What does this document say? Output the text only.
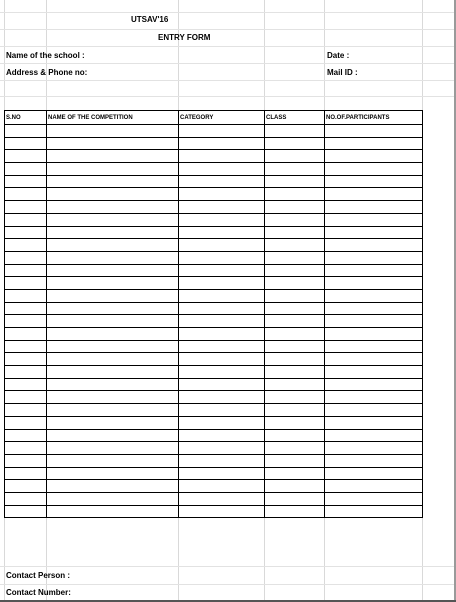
UTSAV'16
ENTRY FORM
Name of the school :	Date :
Address & Phone no:	Mail ID :
S.NO	NAME OF THE COMPETITION	CATEGORY	CLASS	NO.OF.PARTICIPANTS

Contact Person :
Contact Number:
